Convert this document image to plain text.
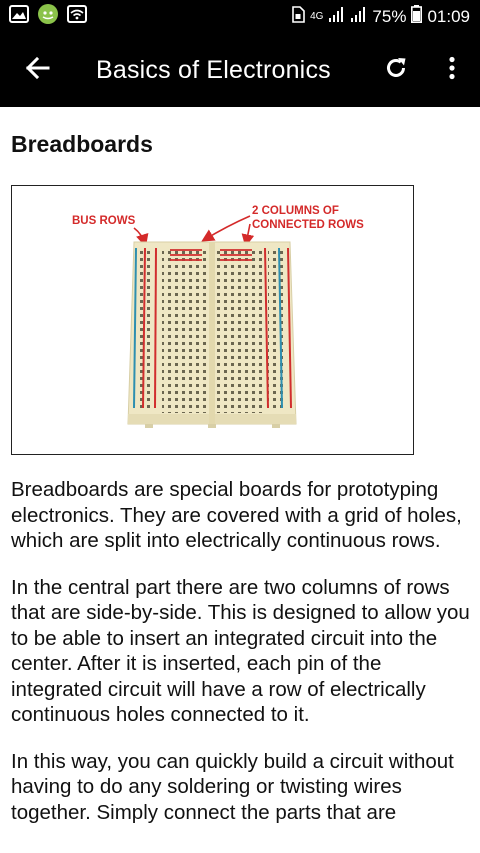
4G	75% 01:09
Basics of Electronics
Breadboards
BUS ROWS
2 COLUMNS OF
CONNECTED ROWS

Breadboards are special boards for prototyping electronics. They are covered with a grid of holes, which are split into electrically continuous rows.

In the central part there are two columns of rows that are side-by-side. This is designed to allow you to be able to insert an integrated circuit into the center. After it is inserted, each pin of the integrated circuit will have a row of electrically continuous holes connected to it.

In this way, you can quickly build a circuit without having to do any soldering or twisting wires together. Simply connect the parts that are
